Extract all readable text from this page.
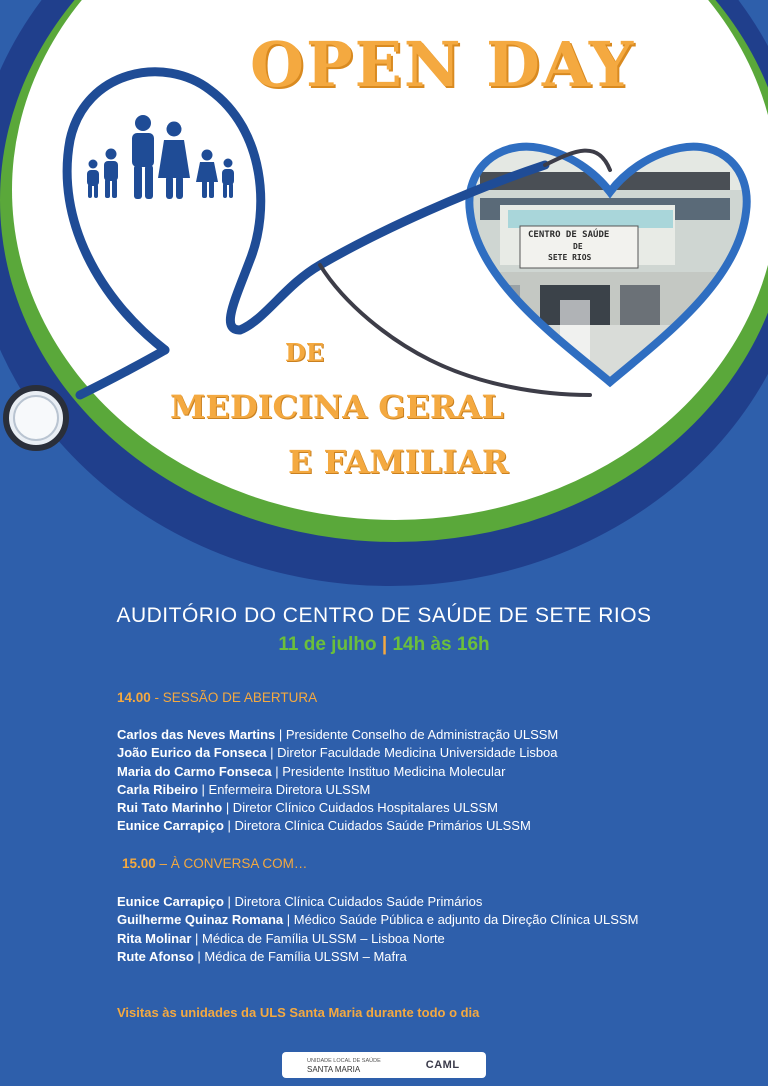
CENTRO DE SAÚDE
DE
SETE RIOS
OPEN DAY
DE
MEDICINA GERAL
E FAMILIAR
AUDITÓRIO DO CENTRO DE SAÚDE DE SETE RIOS
11 de julho | 14h às 16h
14.00 - SESSÃO DE ABERTURA
Carlos das Neves Martins | Presidente Conselho de Administração ULSSM
João Eurico da Fonseca | Diretor Faculdade Medicina Universidade Lisboa
Maria do Carmo Fonseca | Presidente Instituo Medicina Molecular
Carla Ribeiro | Enfermeira Diretora ULSSM
Rui Tato Marinho | Diretor Clínico Cuidados Hospitalares ULSSM
Eunice Carrapiço | Diretora Clínica Cuidados Saúde Primários ULSSM
15.00 – À CONVERSA COM…
Eunice Carrapiço | Diretora Clínica Cuidados Saúde Primários
Guilherme Quinaz Romana | Médico Saúde Pública e adjunto da Direção Clínica ULSSM
Rita Molinar | Médica de Família ULSSM – Lisboa Norte
Rute Afonso | Médica de Família ULSSM – Mafra
Visitas às unidades da ULS Santa Maria durante todo o dia
UNIDADE LOCAL DE SAÚDE
SANTA MARIA	CAML
